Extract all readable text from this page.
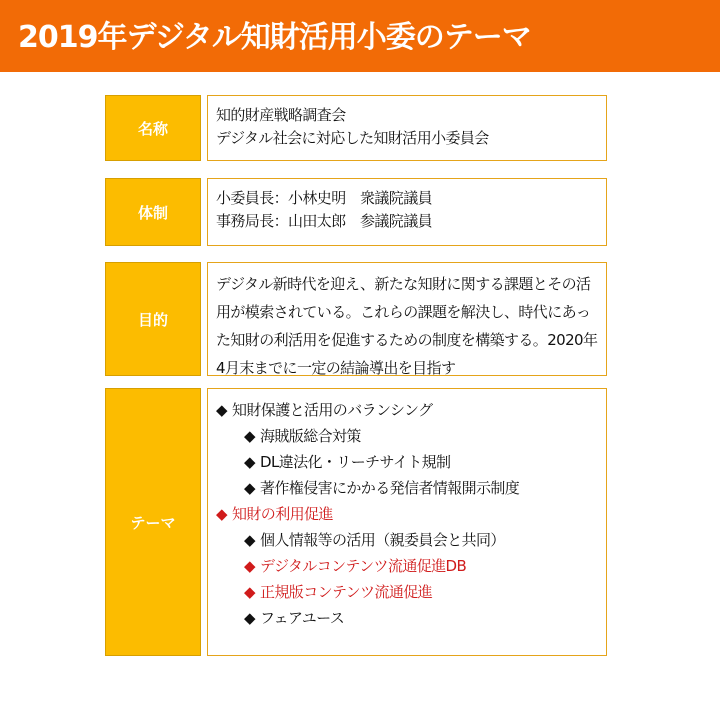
2019年デジタル知財活用小委のテーマ
名称
知的財産戦略調査会
デジタル社会に対応した知財活用小委員会
体制
小委員長：小林史明　衆議院議員
事務局長：山田太郎　参議院議員
目的
デジタル新時代を迎え、新たな知財に関する課題とその活用が模索されている。これらの課題を解決し、時代にあった知財の利活用を促進するための制度を構築する。2020年4月末までに一定の結論導出を目指す
テーマ
◆ 知財保護と活用のバランシング
◆ 海賊版総合対策
◆ DL違法化・リーチサイト規制
◆ 著作権侵害にかかる発信者情報開示制度
◆ 知財の利用促進
◆ 個人情報等の活用（親委員会と共同）
◆ デジタルコンテンツ流通促進DB
◆ 正規版コンテンツ流通促進
◆ フェアユース
